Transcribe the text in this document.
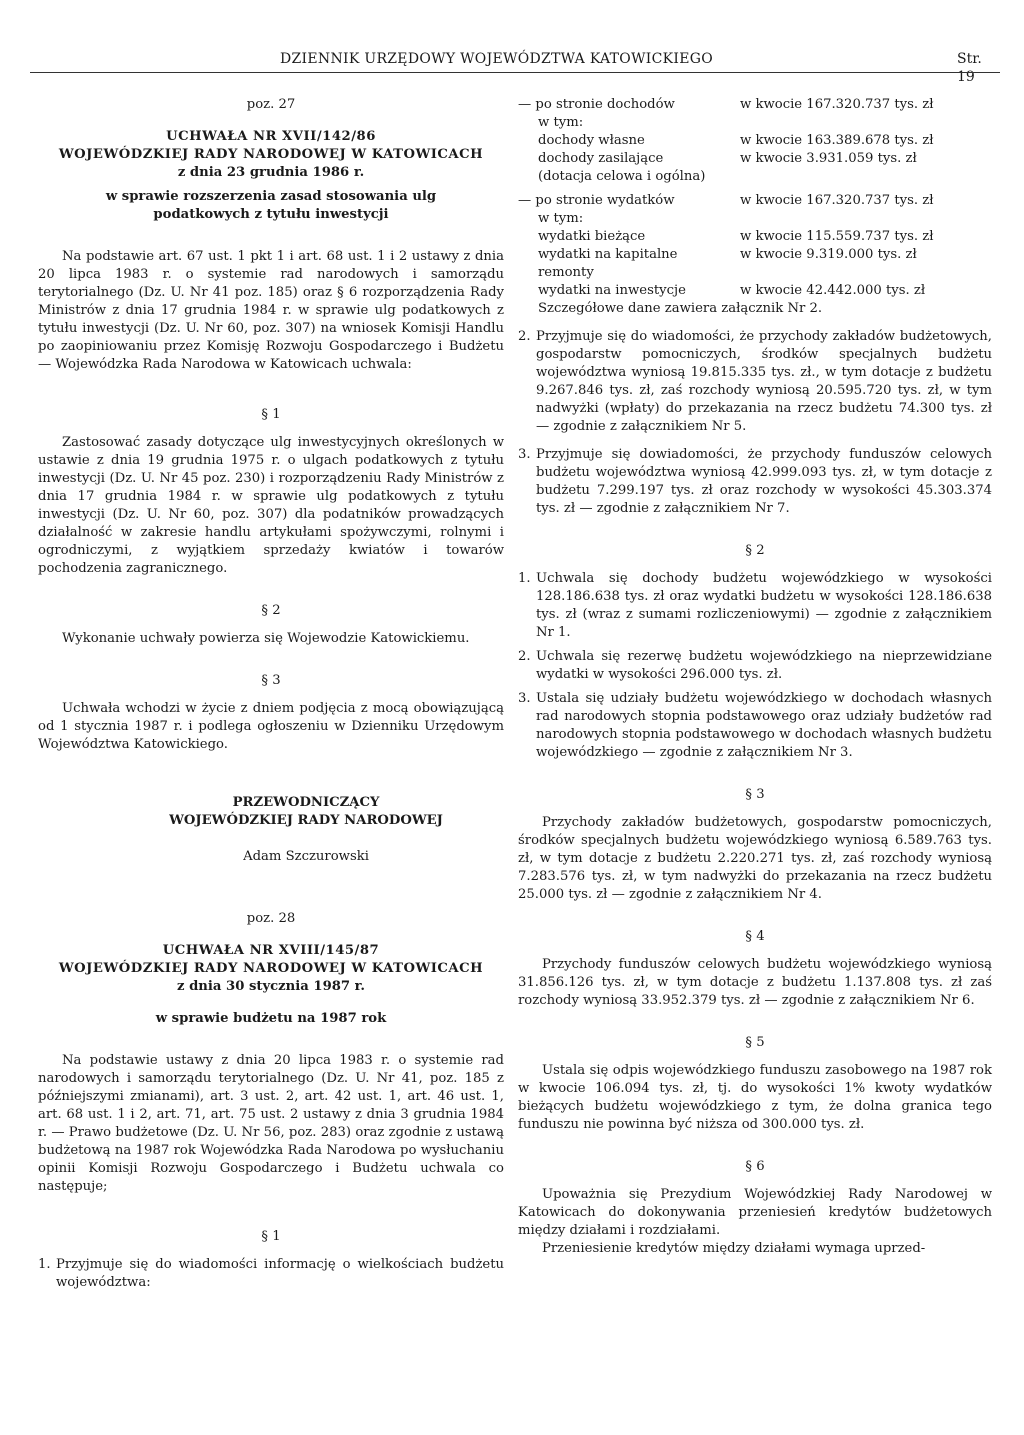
DZIENNIK URZĘDOWY WOJEWÓDZTWA KATOWICKIEGO	Str. 19
poz. 27
UCHWAŁA NR XVII/142/86
WOJEWÓDZKIEJ RADY NARODOWEJ W KATOWICACH
z dnia 23 grudnia 1986 r.
w sprawie rozszerzenia zasad stosowania ulg podatkowych z tytułu inwestycji

Na podstawie art. 67 ust. 1 pkt 1 i art. 68 ust. 1 i 2 ustawy z dnia 20 lipca 1983 r. o systemie rad narodowych i samorządu terytorialnego (Dz. U. Nr 41 poz. 185) oraz § 6 rozporządzenia Rady Ministrów z dnia 17 grudnia 1984 r. w sprawie ulg podatkowych z tytułu inwestycji (Dz. U. Nr 60, poz. 307) na wniosek Komisji Handlu po zaopiniowaniu przez Komisję Rozwoju Gospodarczego i Budżetu — Wojewódzka Rada Narodowa w Katowicach uchwala:

§ 1

Zastosować zasady dotyczące ulg inwestycyjnych określonych w ustawie z dnia 19 grudnia 1975 r. o ulgach podatkowych z tytułu inwestycji (Dz. U. Nr 45 poz. 230) i rozporządzeniu Rady Ministrów z dnia 17 grudnia 1984 r. w sprawie ulg podatkowych z tytułu inwestycji (Dz. U. Nr 60, poz. 307) dla podatników prowadzących działalność w zakresie handlu artykułami spożywczymi, rolnymi i ogrodniczymi, z wyjątkiem sprzedaży kwiatów i towarów pochodzenia zagranicznego.

§ 2

Wykonanie uchwały powierza się Wojewodzie Katowickiemu.

§ 3

Uchwała wchodzi w życie z dniem podjęcia z mocą obowiązującą od 1 stycznia 1987 r. i podlega ogłoszeniu w Dzienniku Urzędowym Województwa Katowickiego.

PRZEWODNICZĄCY
WOJEWÓDZKIEJ RADY NARODOWEJ
Adam Szczurowski
poz. 28
UCHWAŁA NR XVIII/145/87
WOJEWÓDZKIEJ RADY NARODOWEJ W KATOWICACH
z dnia 30 stycznia 1987 r.
w sprawie budżetu na 1987 rok

Na podstawie ustawy z dnia 20 lipca 1983 r. o systemie rad narodowych i samorządu terytorialnego (Dz. U. Nr 41, poz. 185 z późniejszymi zmianami), art. 3 ust. 2, art. 42 ust. 1, art. 46 ust. 1, art. 68 ust. 1 i 2, art. 71, art. 75 ust. 2 ustawy z dnia 3 grudnia 1984 r. — Prawo budżetowe (Dz. U. Nr 56, poz. 283) oraz zgodnie z ustawą budżetową na 1987 rok Wojewódzka Rada Narodowa po wysłuchaniu opinii Komisji Rozwoju Gospodarczego i Budżetu uchwala co następuje;

§ 1
1. Przyjmuje się do wiadomości informację o wielkościach budżetu województwa:
— po stronie dochodów	w kwocie 167.320.737 tys. zł
w tym:
dochody własne	w kwocie 163.389.678 tys. zł
dochody zasilające	w kwocie 3.931.059 tys. zł
(dotacja celowa i ogólna)
— po stronie wydatków	w kwocie 167.320.737 tys. zł
w tym:
wydatki bieżące	w kwocie 115.559.737 tys. zł
wydatki na kapitalne remonty
w kwocie 9.319.000 tys. zł
wydatki na inwestycje	w kwocie 42.442.000 tys. zł
Szczegółowe dane zawiera załącznik Nr 2.
2. Przyjmuje się do wiadomości, że przychody zakładów budżetowych, gospodarstw pomocniczych, środków specjalnych budżetu województwa wyniosą 19.815.335 tys. zł., w tym dotacje z budżetu 9.267.846 tys. zł, zaś rozchody wyniosą 20.595.720 tys. zł, w tym nadwyżki (wpłaty) do przekazania na rzecz budżetu 74.300 tys. zł — zgodnie z załącznikiem Nr 5.
3. Przyjmuje się dowiadomości, że przychody funduszów celowych budżetu województwa wyniosą 42.999.093 tys. zł, w tym dotacje z budżetu 7.299.197 tys. zł oraz rozchody w wysokości 45.303.374 tys. zł — zgodnie z załącznikiem Nr 7.
§ 2
1. Uchwala się dochody budżetu wojewódzkiego w wysokości 128.186.638 tys. zł oraz wydatki budżetu w wysokości 128.186.638 tys. zł (wraz z sumami rozliczeniowymi) — zgodnie z załącznikiem Nr 1.
2. Uchwala się rezerwę budżetu wojewódzkiego na nieprzewidziane wydatki w wysokości 296.000 tys. zł.
3. Ustala się udziały budżetu wojewódzkiego w dochodach własnych rad narodowych stopnia podstawowego oraz udziały budżetów rad narodowych stopnia podstawowego w dochodach własnych budżetu wojewódzkiego — zgodnie z załącznikiem Nr 3.
§ 3

Przychody zakładów budżetowych, gospodarstw pomocniczych, środków specjalnych budżetu wojewódzkiego wyniosą 6.589.763 tys. zł, w tym dotacje z budżetu 2.220.271 tys. zł, zaś rozchody wyniosą 7.283.576 tys. zł, w tym nadwyżki do przekazania na rzecz budżetu 25.000 tys. zł — zgodnie z załącznikiem Nr 4.

§ 4

Przychody funduszów celowych budżetu wojewódzkiego wyniosą 31.856.126 tys. zł, w tym dotacje z budżetu 1.137.808 tys. zł zaś rozchody wyniosą 33.952.379 tys. zł — zgodnie z załącznikiem Nr 6.

§ 5

Ustala się odpis wojewódzkiego funduszu zasobowego na 1987 rok w kwocie 106.094 tys. zł, tj. do wysokości 1% kwoty wydatków bieżących budżetu wojewódzkiego z tym, że dolna granica tego funduszu nie powinna być niższa od 300.000 tys. zł.

§ 6

Upoważnia się Prezydium Wojewódzkiej Rady Narodowej w Katowicach do dokonywania przeniesień kredytów budżetowych między działami i rozdziałami.

Przeniesienie kredytów między działami wymaga uprzed-
